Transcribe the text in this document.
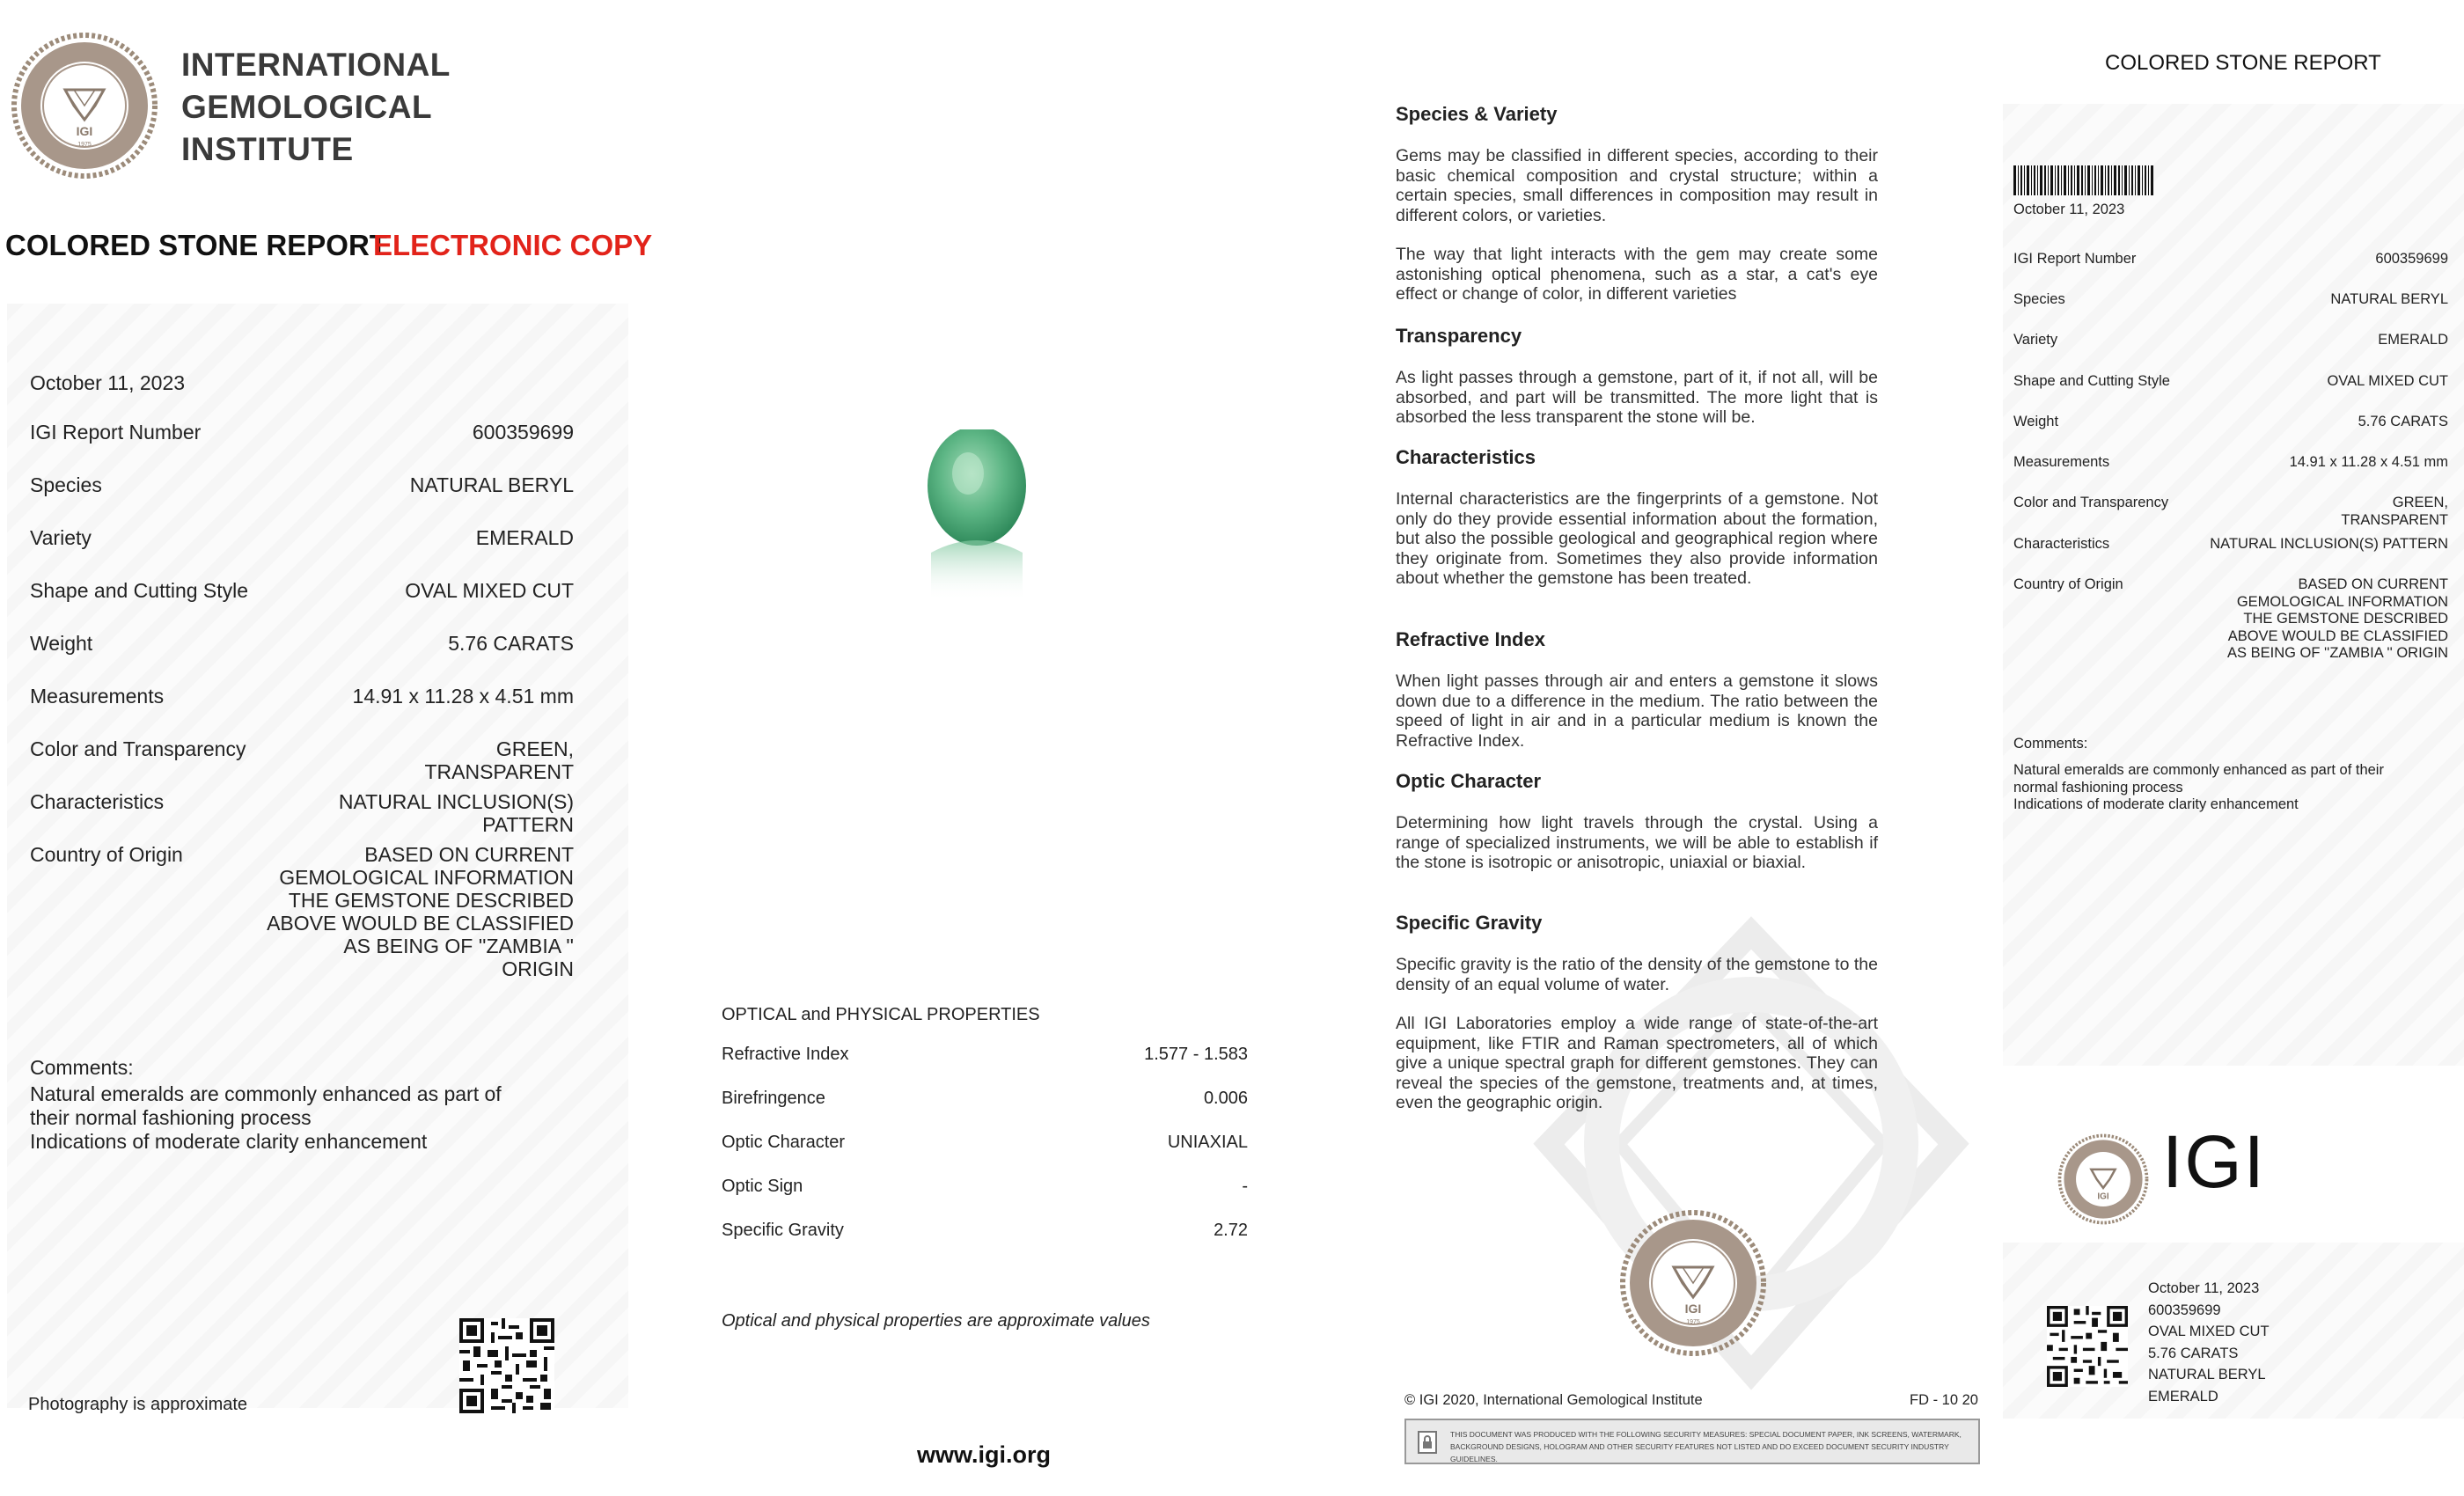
IGI
1975
INTERNATIONAL
GEMOLOGICAL
INSTITUTE
COLORED STONE REPORT
ELECTRONIC COPY
October 11, 2023
IGI Report Number	600359699
Species	NATURAL BERYL
Variety	EMERALD
Shape and Cutting Style	OVAL MIXED CUT
Weight	5.76 CARATS
Measurements	14.91 x 11.28 x 4.51 mm
Color and Transparency	GREEN,
TRANSPARENT
Characteristics	NATURAL INCLUSION(S)
PATTERN
Country of Origin	BASED ON CURRENT
GEMOLOGICAL INFORMATION
THE GEMSTONE DESCRIBED
ABOVE WOULD BE CLASSIFIED
AS BEING OF ''ZAMBIA ''
ORIGIN
Comments:
Natural emeralds are commonly enhanced as part of
their normal fashioning process
Indications of moderate clarity enhancement
Photography is approximate
OPTICAL and PHYSICAL PROPERTIES
Refractive Index	1.577 - 1.583
Birefringence	0.006
Optic Character	UNIAXIAL
Optic Sign	-
Specific Gravity	2.72
Optical and physical properties are approximate values
www.igi.org
Species & Variety
Gems may be classified in different species, according to their basic chemical composition and crystal structure; within a certain species, small differences in composition may result in different colors, or varieties.
The way that light interacts with the gem may create some astonishing optical phenomena, such as a star, a cat's eye effect or change of color, in different varieties
Transparency
As light passes through a gemstone, part of it, if not all, will be absorbed, and part will be transmitted. The more light that is absorbed the less transparent the stone will be.
Characteristics
Internal characteristics are the fingerprints of a gemstone. Not only do they provide essential information about the formation, but also the possible geological and geographical region where they originate from. Sometimes they also provide information about whether the gemstone has been treated.
Refractive Index
When light passes through air and enters a gemstone it slows down due to a difference in the medium. The ratio between the speed of light in air and in a particular medium is known the Refractive Index.
Optic Character
Determining how light travels through the crystal. Using a range of specialized instruments, we will be able to establish if the stone is isotropic or anisotropic, uniaxial or biaxial.
Specific Gravity
Specific gravity is the ratio of the density of the gemstone to the density of an equal volume of water.
All IGI Laboratories employ a wide range of state-of-the-art equipment, like FTIR and Raman spectrometers, all of which give a unique spectral graph for different gemstones. They can reveal the species of the gemstone, treatments and, at times, even the geographic origin.
IGI
1975
© IGI 2020, International Gemological Institute	FD - 10 20
THIS DOCUMENT WAS PRODUCED WITH THE FOLLOWING SECURITY MEASURES: SPECIAL DOCUMENT PAPER, INK SCREENS, WATERMARK,
BACKGROUND DESIGNS, HOLOGRAM AND OTHER SECURITY FEATURES NOT LISTED AND DO EXCEED DOCUMENT SECURITY INDUSTRY GUIDELINES.
COLORED STONE REPORT
October 11, 2023
IGI Report Number	600359699
Species	NATURAL BERYL
Variety	EMERALD
Shape and Cutting Style	OVAL MIXED CUT
Weight	5.76 CARATS
Measurements	14.91 x 11.28 x 4.51 mm
Color and Transparency	GREEN,
TRANSPARENT
Characteristics	NATURAL INCLUSION(S) PATTERN
Country of Origin	BASED ON CURRENT
GEMOLOGICAL INFORMATION
THE GEMSTONE DESCRIBED
ABOVE WOULD BE CLASSIFIED
AS BEING OF ''ZAMBIA '' ORIGIN
Comments:
Natural emeralds are commonly enhanced as part of their
normal fashioning process
Indications of moderate clarity enhancement
IGI IGI
October 11, 2023
600359699
OVAL MIXED CUT
5.76 CARATS
NATURAL BERYL
EMERALD
